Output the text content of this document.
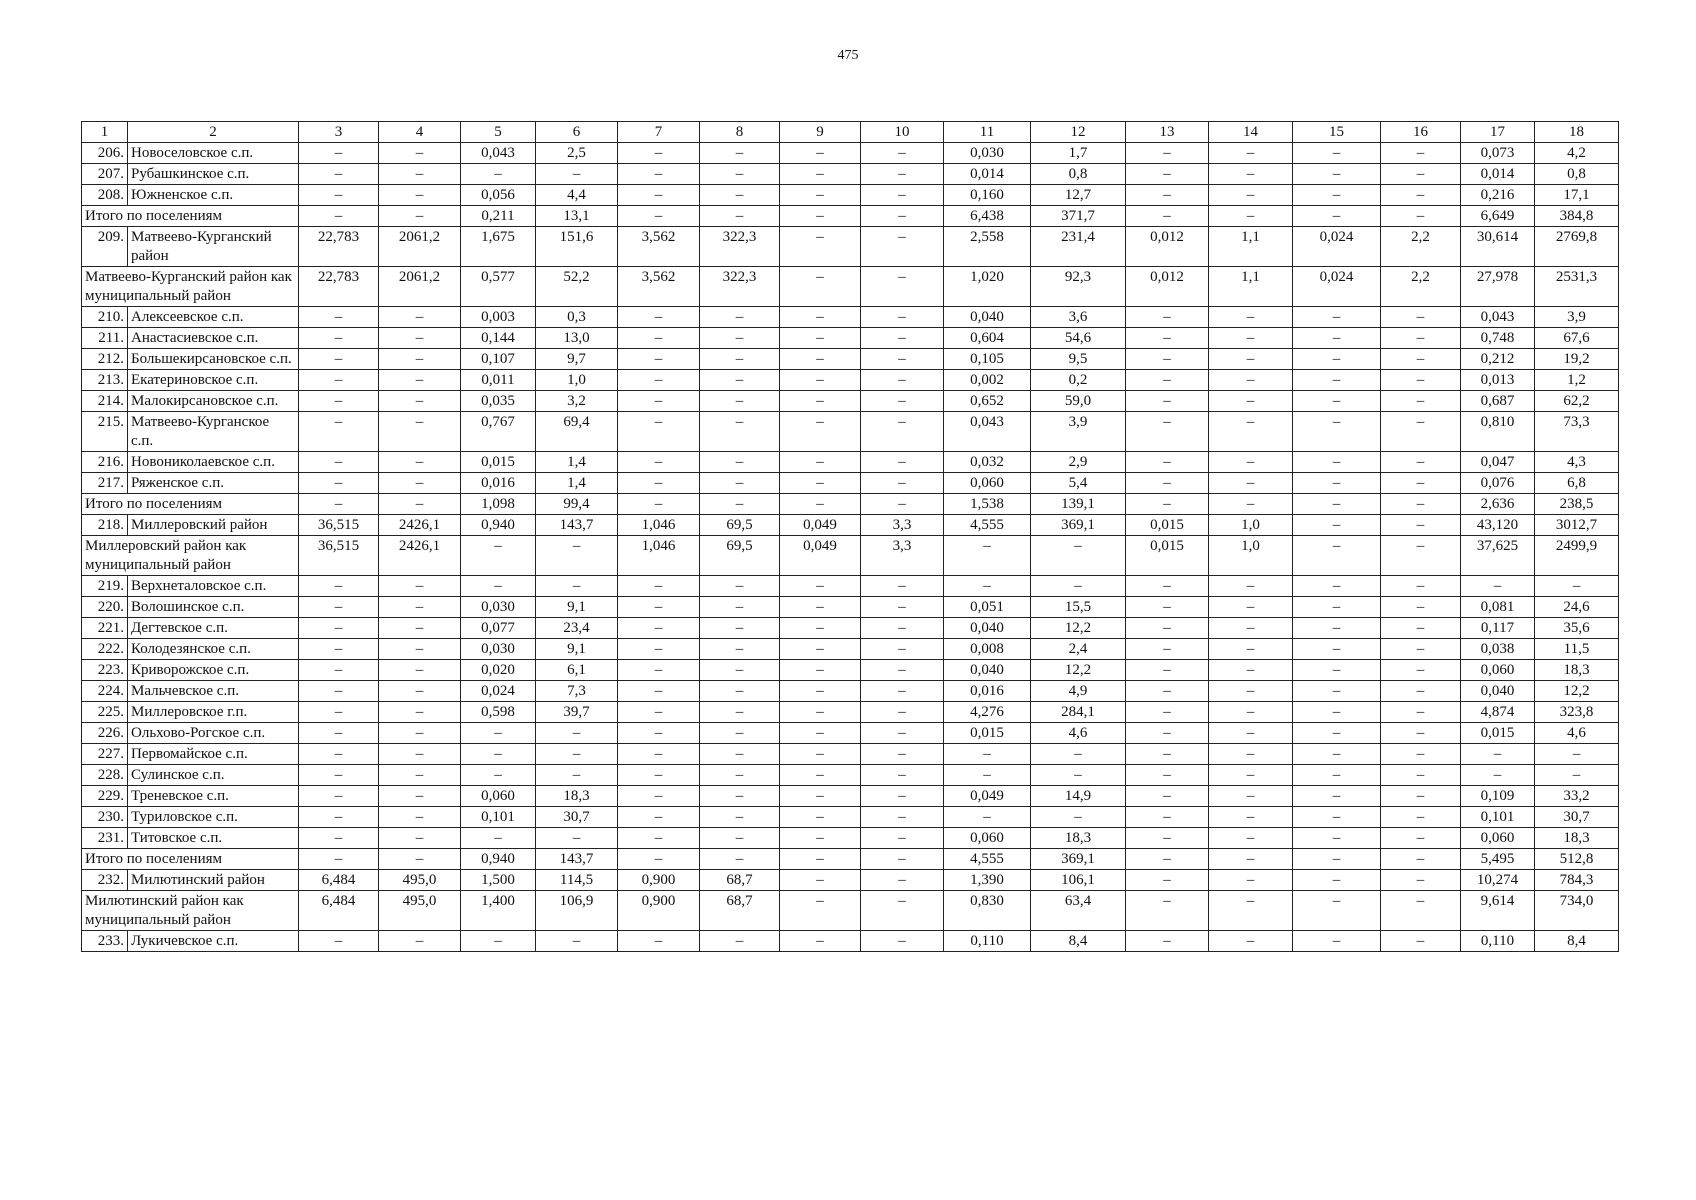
475
1	2	3	4	5	6	7	8	9	10	11	12	13	14	15	16	17	18
206.	Новоселовское с.п.	–	–	0,043	2,5	–	–	–	–	0,030	1,7	–	–	–	–	0,073	4,2
207.	Рубашкинское с.п.	–	–	–	–	–	–	–	–	0,014	0,8	–	–	–	–	0,014	0,8
208.	Южненское с.п.	–	–	0,056	4,4	–	–	–	–	0,160	12,7	–	–	–	–	0,216	17,1
Итого по поселениям		–	–	0,211	13,1	–	–	–	–	6,438	371,7	–	–	–	–	6,649	384,8
209.	Матвеево-Курганский район	22,783	2061,2	1,675	151,6	3,562	322,3	–	–	2,558	231,4	0,012	1,1	0,024	2,2	30,614	2769,8
Матвеево-Курганский район как муниципальный район		22,783	2061,2	0,577	52,2	3,562	322,3	–	–	1,020	92,3	0,012	1,1	0,024	2,2	27,978	2531,3
210.	Алексеевское с.п.	–	–	0,003	0,3	–	–	–	–	0,040	3,6	–	–	–	–	0,043	3,9
211.	Анастасиевское с.п.	–	–	0,144	13,0	–	–	–	–	0,604	54,6	–	–	–	–	0,748	67,6
212.	Большекирсановское с.п.	–	–	0,107	9,7	–	–	–	–	0,105	9,5	–	–	–	–	0,212	19,2
213.	Екатериновское с.п.	–	–	0,011	1,0	–	–	–	–	0,002	0,2	–	–	–	–	0,013	1,2
214.	Малокирсановское с.п.	–	–	0,035	3,2	–	–	–	–	0,652	59,0	–	–	–	–	0,687	62,2
215.	Матвеево-Курганское с.п.	–	–	0,767	69,4	–	–	–	–	0,043	3,9	–	–	–	–	0,810	73,3
216.	Новониколаевское с.п.	–	–	0,015	1,4	–	–	–	–	0,032	2,9	–	–	–	–	0,047	4,3
217.	Ряженское с.п.	–	–	0,016	1,4	–	–	–	–	0,060	5,4	–	–	–	–	0,076	6,8
Итого по поселениям		–	–	1,098	99,4	–	–	–	–	1,538	139,1	–	–	–	–	2,636	238,5
218.	Миллеровский район	36,515	2426,1	0,940	143,7	1,046	69,5	0,049	3,3	4,555	369,1	0,015	1,0	–	–	43,120	3012,7
Миллеровский район как муниципальный район		36,515	2426,1	–	–	1,046	69,5	0,049	3,3	–	–	0,015	1,0	–	–	37,625	2499,9
219.	Верхнеталовское с.п.	–	–	–	–	–	–	–	–	–	–	–	–	–	–	–	–
220.	Волошинское с.п.	–	–	0,030	9,1	–	–	–	–	0,051	15,5	–	–	–	–	0,081	24,6
221.	Дегтевское с.п.	–	–	0,077	23,4	–	–	–	–	0,040	12,2	–	–	–	–	0,117	35,6
222.	Колодезянское с.п.	–	–	0,030	9,1	–	–	–	–	0,008	2,4	–	–	–	–	0,038	11,5
223.	Криворожское с.п.	–	–	0,020	6,1	–	–	–	–	0,040	12,2	–	–	–	–	0,060	18,3
224.	Мальчевское с.п.	–	–	0,024	7,3	–	–	–	–	0,016	4,9	–	–	–	–	0,040	12,2
225.	Миллеровское г.п.	–	–	0,598	39,7	–	–	–	–	4,276	284,1	–	–	–	–	4,874	323,8
226.	Ольхово-Рогское с.п.	–	–	–	–	–	–	–	–	0,015	4,6	–	–	–	–	0,015	4,6
227.	Первомайское с.п.	–	–	–	–	–	–	–	–	–	–	–	–	–	–	–	–
228.	Сулинское с.п.	–	–	–	–	–	–	–	–	–	–	–	–	–	–	–	–
229.	Треневское с.п.	–	–	0,060	18,3	–	–	–	–	0,049	14,9	–	–	–	–	0,109	33,2
230.	Туриловское с.п.	–	–	0,101	30,7	–	–	–	–	–	–	–	–	–	–	0,101	30,7
231.	Титовское с.п.	–	–	–	–	–	–	–	–	0,060	18,3	–	–	–	–	0,060	18,3
Итого по поселениям		–	–	0,940	143,7	–	–	–	–	4,555	369,1	–	–	–	–	5,495	512,8
232.	Милютинский район	6,484	495,0	1,500	114,5	0,900	68,7	–	–	1,390	106,1	–	–	–	–	10,274	784,3
Милютинский район как муниципальный район		6,484	495,0	1,400	106,9	0,900	68,7	–	–	0,830	63,4	–	–	–	–	9,614	734,0
233.	Лукичевское с.п.	–	–	–	–	–	–	–	–	0,110	8,4	–	–	–	–	0,110	8,4
